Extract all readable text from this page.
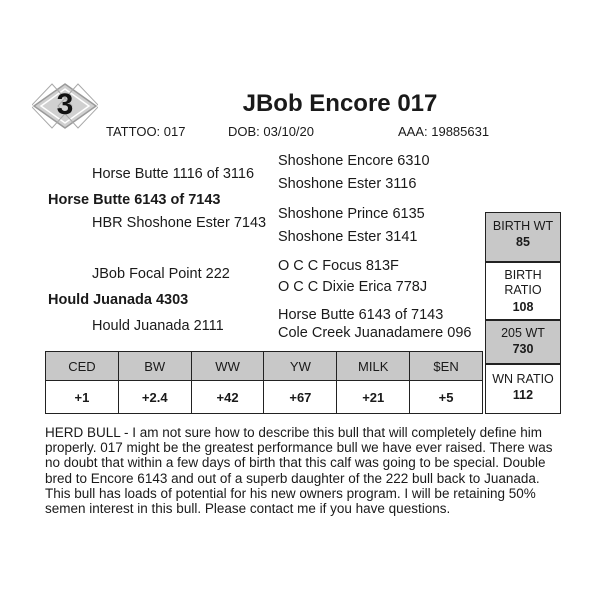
3	JBob Encore 017
TATTOO: 017	DOB: 03/10/20	AAA: 19885631
Horse Butte 1116 of 3116
Horse Butte 6143 of 7143
HBR Shoshone Ester 7143
Shoshone Encore 6310
Shoshone Ester 3116
Shoshone Prince 6135
Shoshone Ester 3141
JBob Focal Point 222
Hould Juanada 4303
Hould Juanada 2111
O C C Focus 813F
O C C Dixie Erica 778J
Horse Butte 6143 of 7143
Cole Creek Juanadamere 096
BIRTH WT
85
BIRTH RATIO
108
205 WT
730
WN RATIO
112
CED	BW	WW	YW	MILK	$EN
+1	+2.4	+42	+67	+21	+5
HERD BULL - I am not sure how to describe this bull that will completely define him properly. 017 might be the greatest performance bull we have ever raised. There was no doubt that within a few days of birth that this calf was going to be special. Double bred to Encore 6143 and out of a superb daughter of the 222 bull back to Juanada. This bull has loads of potential for his new owners program. I will be retaining 50% semen interest in this bull. Please contact me if you have questions.
